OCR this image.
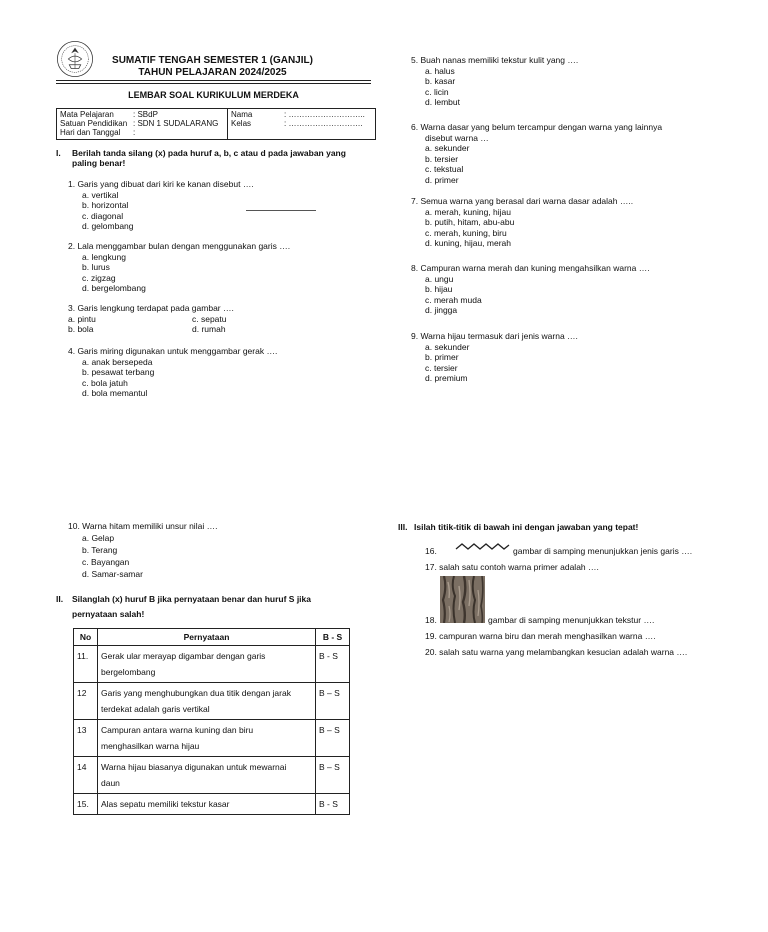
SUMATIF TENGAH SEMESTER 1 (GANJIL)
TAHUN PELAJARAN 2024/2025
LEMBAR SOAL KURIKULUM MERDEKA
Mata Pelajaran : SBdP
Satuan Pendidikan : SDN 1 SUDALARANG
Hari dan Tanggal :
Nama	: ………………………..
Kelas	: ……………………….
I. Berilah tanda silang (x) pada huruf a, b, c atau d pada jawaban yang
paling benar!
1. Garis yang dibuat dari kiri ke kanan disebut ….
a. vertikal
b. horizontal
c. diagonal
d. gelombang
2. Lala menggambar bulan dengan menggunakan garis ….
a. lengkung
b. lurus
c. zigzag
d. bergelombang
3. Garis lengkung terdapat pada gambar ….
a. pintu
b. bola
c. sepatu
d. rumah
4. Garis miring digunakan untuk menggambar gerak ….
a. anak bersepeda
b. pesawat terbang
c. bola jatuh
d. bola memantul
5. Buah nanas memiliki tekstur kulit yang ….
a. halus
b. kasar
c. licin
d. lembut
6. Warna dasar yang belum tercampur dengan warna yang lainnya
disebut warna …
a. sekunder
b. tersier
c. tekstual
d. primer
7. Semua warna yang berasal dari warna dasar adalah …..
a. merah, kuning, hijau
b. putih, hitam, abu-abu
c. merah, kuning, biru
d. kuning, hijau, merah
8. Campuran warna merah dan kuning mengahsilkan warna ….
a. ungu
b. hijau
c. merah muda
d. jingga
9. Warna hijau termasuk dari jenis warna ….
a. sekunder
b. primer
c. tersier
d. premium
10. Warna hitam memiliki unsur nilai ….
a. Gelap
b. Terang
c. Bayangan
d. Samar-samar
II. Silanglah (x) huruf B jika pernyataan benar dan huruf S jika
pernyataan salah!
No	Pernyataan	B - S
11.	Gerak ular merayap digambar dengan garis
bergelombang	B - S
12	Garis yang menghubungkan dua titik dengan jarak
terdekat adalah garis vertikal	B – S
13	Campuran antara warna kuning dan biru
menghasilkan warna hijau	B – S
14	Warna hijau biasanya digunakan untuk mewarnai
daun	B – S
15.	Alas sepatu memiliki tekstur kasar	B - S
III. Isilah titik-titik di bawah ini dengan jawaban yang tepat!
16.	gambar di samping menunjukkan jenis garis ….
17. salah satu contoh warna primer adalah ….
18.	gambar di samping menunjukkan tekstur ….
19. campuran warna biru dan merah menghasilkan warna ….
20. salah satu warna yang melambangkan kesucian adalah warna ….
